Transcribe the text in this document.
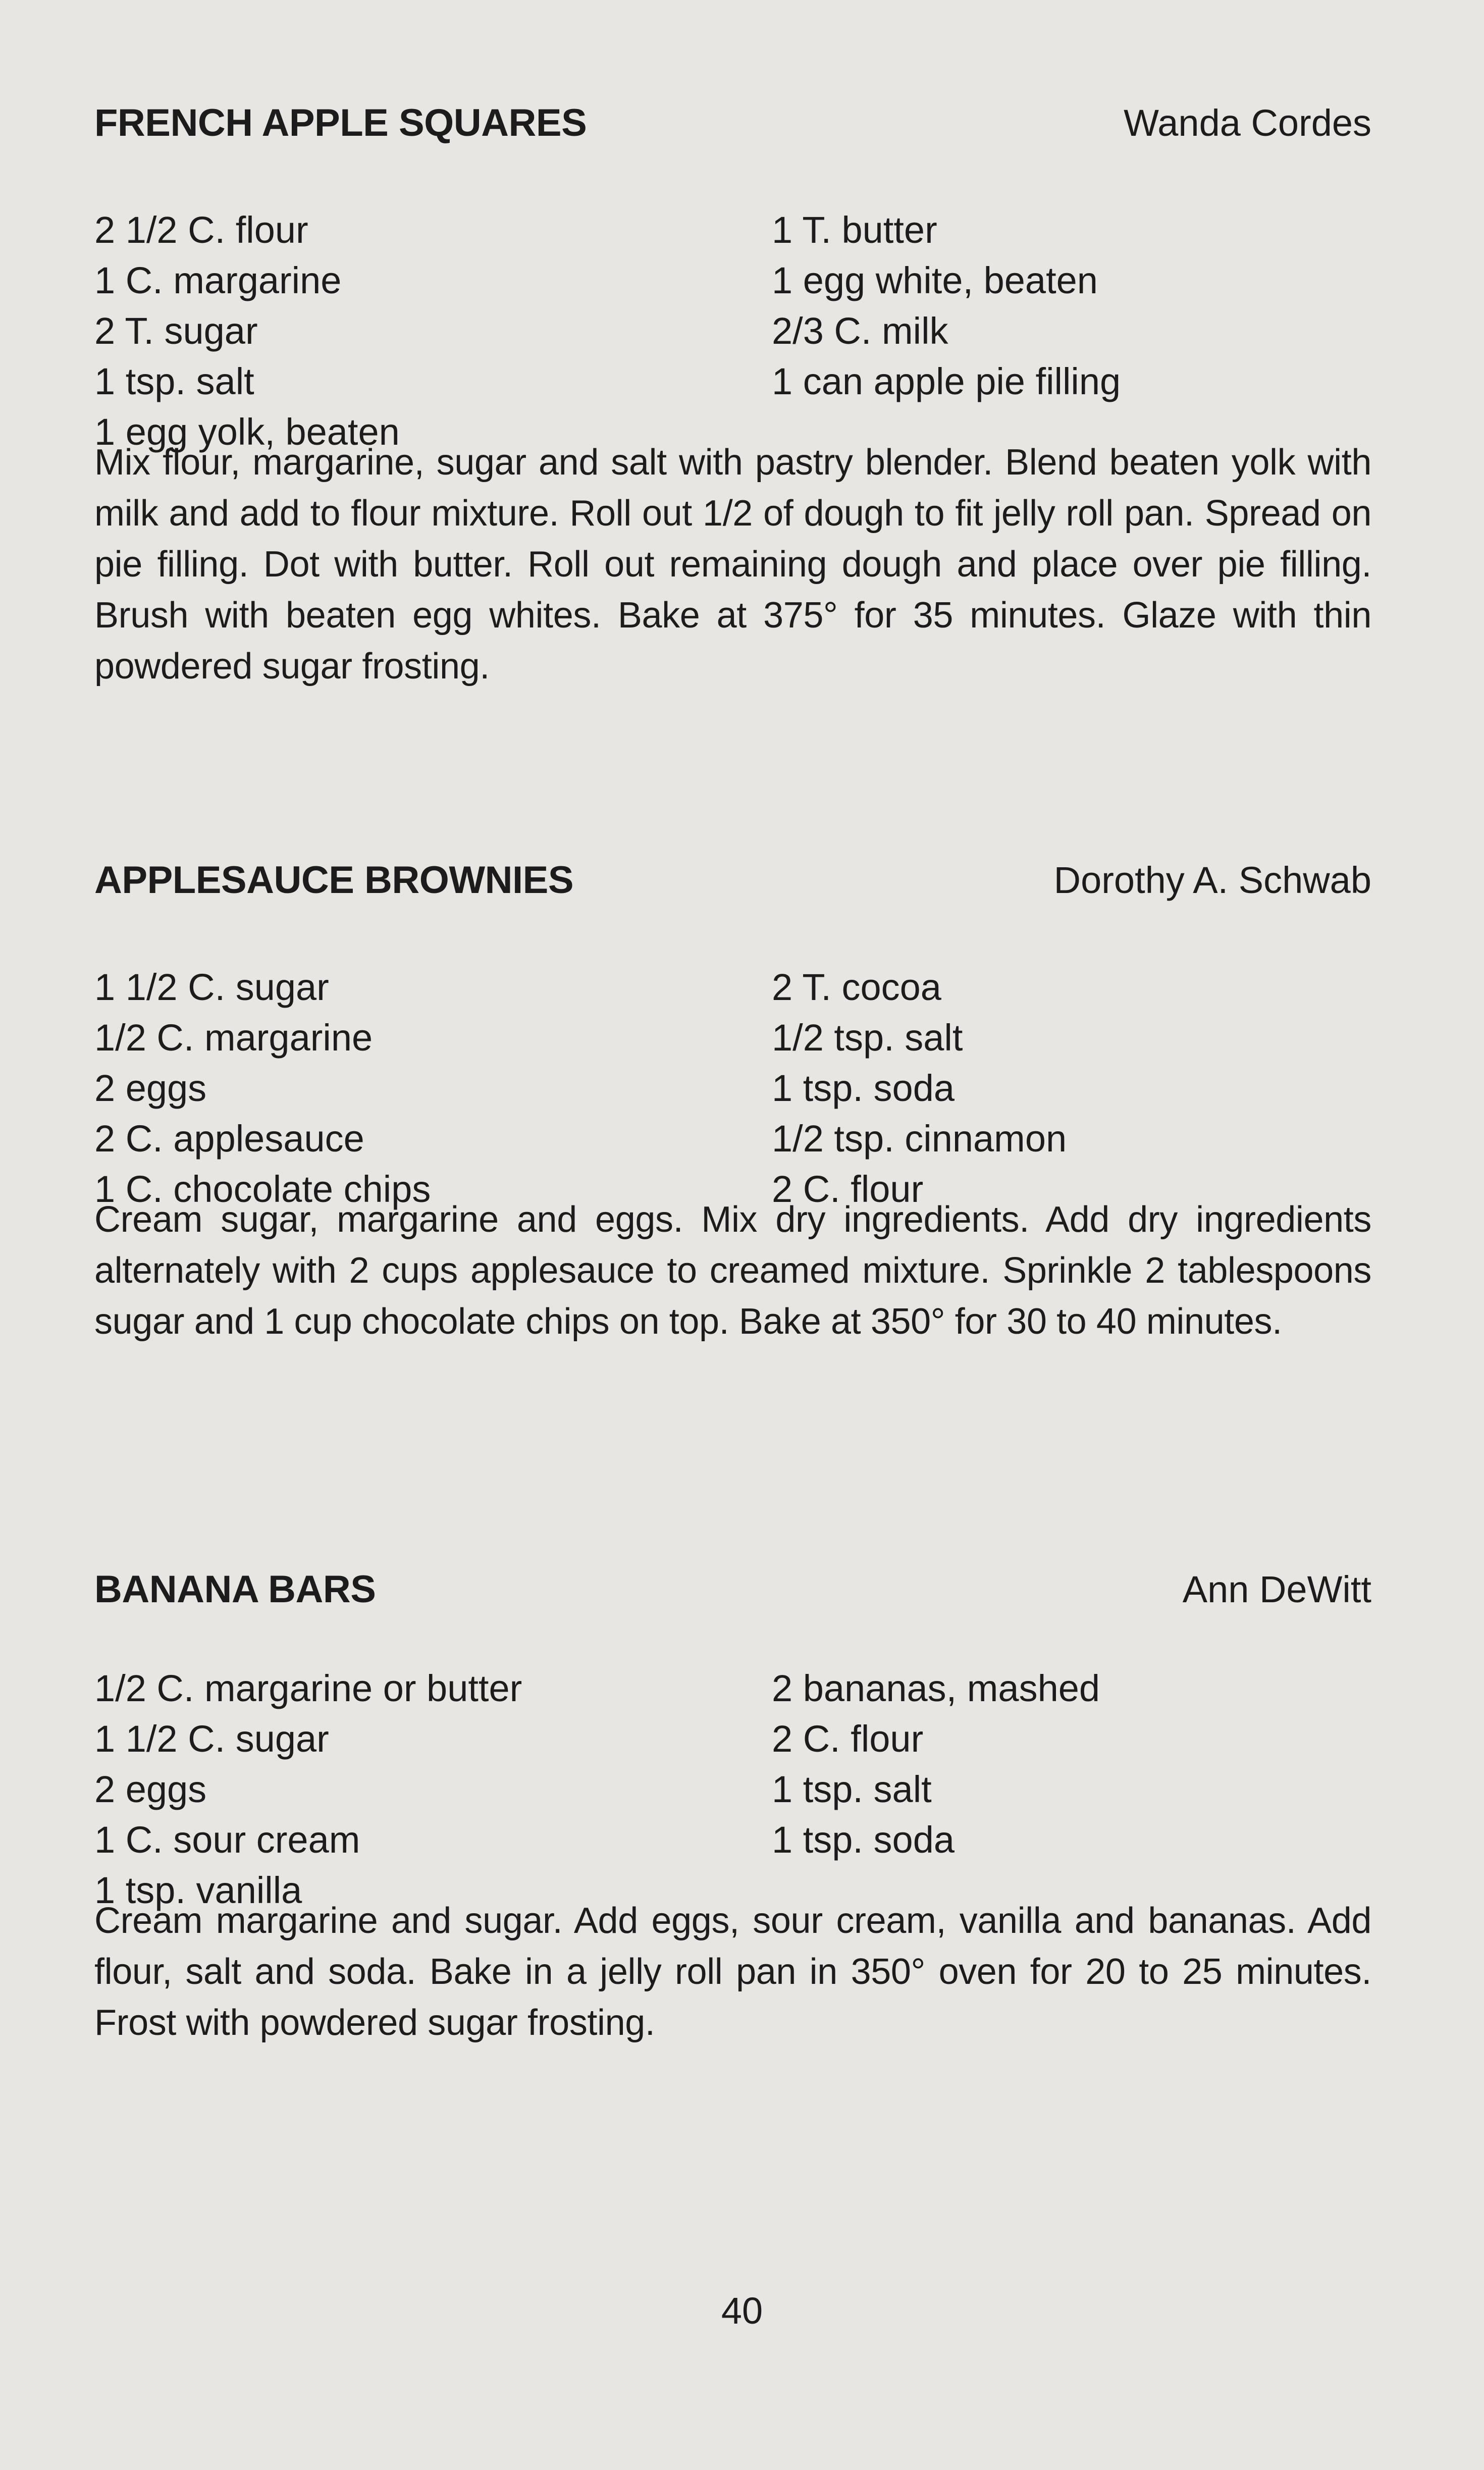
FRENCH APPLE SQUARES	Wanda Cordes
2 1/2 C. flour
1 C. margarine
2 T. sugar
1 tsp. salt
1 egg yolk, beaten
1 T. butter
1 egg white, beaten
2/3 C. milk
1 can apple pie filling

Mix flour, margarine, sugar and salt with pastry blender. Blend beaten yolk with milk and add to flour mixture. Roll out 1/2 of dough to fit jelly roll pan. Spread on pie filling. Dot with butter. Roll out remaining dough and place over pie filling. Brush with beaten egg whites. Bake at 375° for 35 minutes. Glaze with thin powdered sugar frosting.

APPLESAUCE BROWNIES	Dorothy A. Schwab
1 1/2 C. sugar
1/2 C. margarine
2 eggs
2 C. applesauce
1 C. chocolate chips
2 T. cocoa
1/2 tsp. salt
1 tsp. soda
1/2 tsp. cinnamon
2 C. flour

Cream sugar, margarine and eggs. Mix dry ingredients. Add dry ingredients alternately with 2 cups applesauce to creamed mixture. Sprinkle 2 tablespoons sugar and 1 cup chocolate chips on top. Bake at 350° for 30 to 40 minutes.

BANANA BARS	Ann DeWitt
1/2 C. margarine or butter
1 1/2 C. sugar
2 eggs
1 C. sour cream
1 tsp. vanilla
2 bananas, mashed
2 C. flour
1 tsp. salt
1 tsp. soda

Cream margarine and sugar. Add eggs, sour cream, vanilla and bananas. Add flour, salt and soda. Bake in a jelly roll pan in 350° oven for 20 to 25 minutes. Frost with powdered sugar frosting.

40
